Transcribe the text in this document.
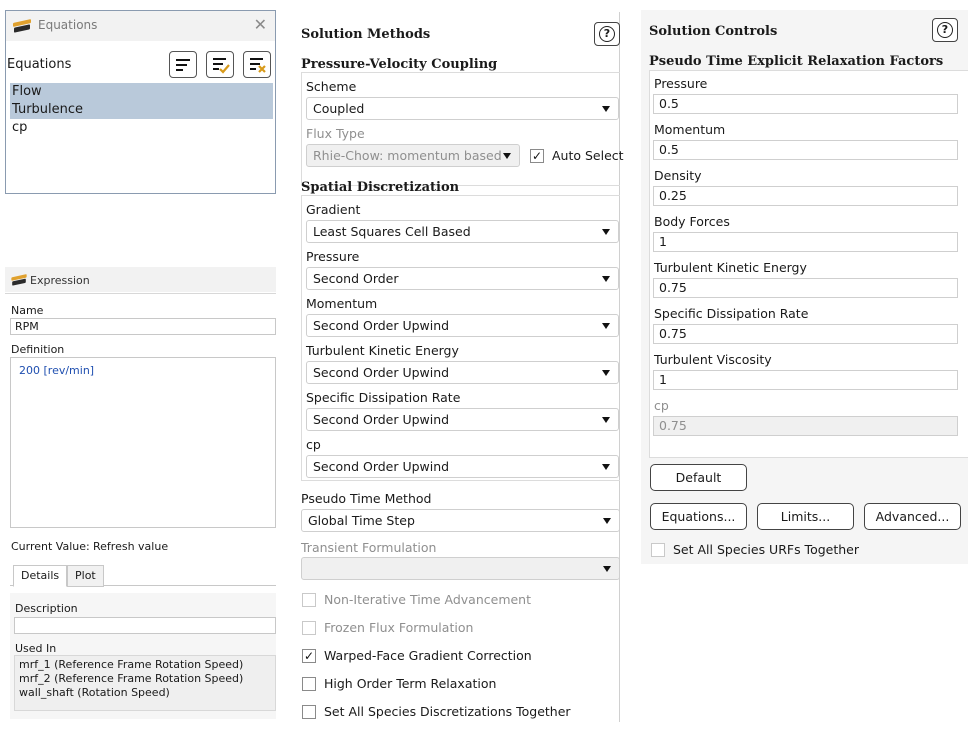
Equations	✕
Equations
Flow
Turbulence
cp
Expression
Name
RPM
Definition
200 [rev/min]
Current Value: Refresh value
Details	Plot
Description
Used In
mrf_1 (Reference Frame Rotation Speed)
mrf_2 (Reference Frame Rotation Speed)
wall_shaft (Rotation Speed)
Solution Methods	?
Pressure-Velocity Coupling
Scheme
Coupled
Flux Type
Rhie-Chow: momentum based	✓ Auto Select
Spatial Discretization
Gradient
Least Squares Cell Based
Pressure
Second Order
Momentum
Second Order Upwind
Turbulent Kinetic Energy
Second Order Upwind
Specific Dissipation Rate
Second Order Upwind
cp
Second Order Upwind
Pseudo Time Method
Global Time Step
Transient Formulation
Non-Iterative Time Advancement
Frozen Flux Formulation
✓ Warped-Face Gradient Correction
High Order Term Relaxation
Set All Species Discretizations Together
Solution Controls	?
Pseudo Time Explicit Relaxation Factors
Pressure
0.5
Momentum
0.5
Density
0.25
Body Forces
1
Turbulent Kinetic Energy
0.75
Specific Dissipation Rate
0.75
Turbulent Viscosity
1
cp
0.75
Default
Equations...	Limits...	Advanced...
Set All Species URFs Together
